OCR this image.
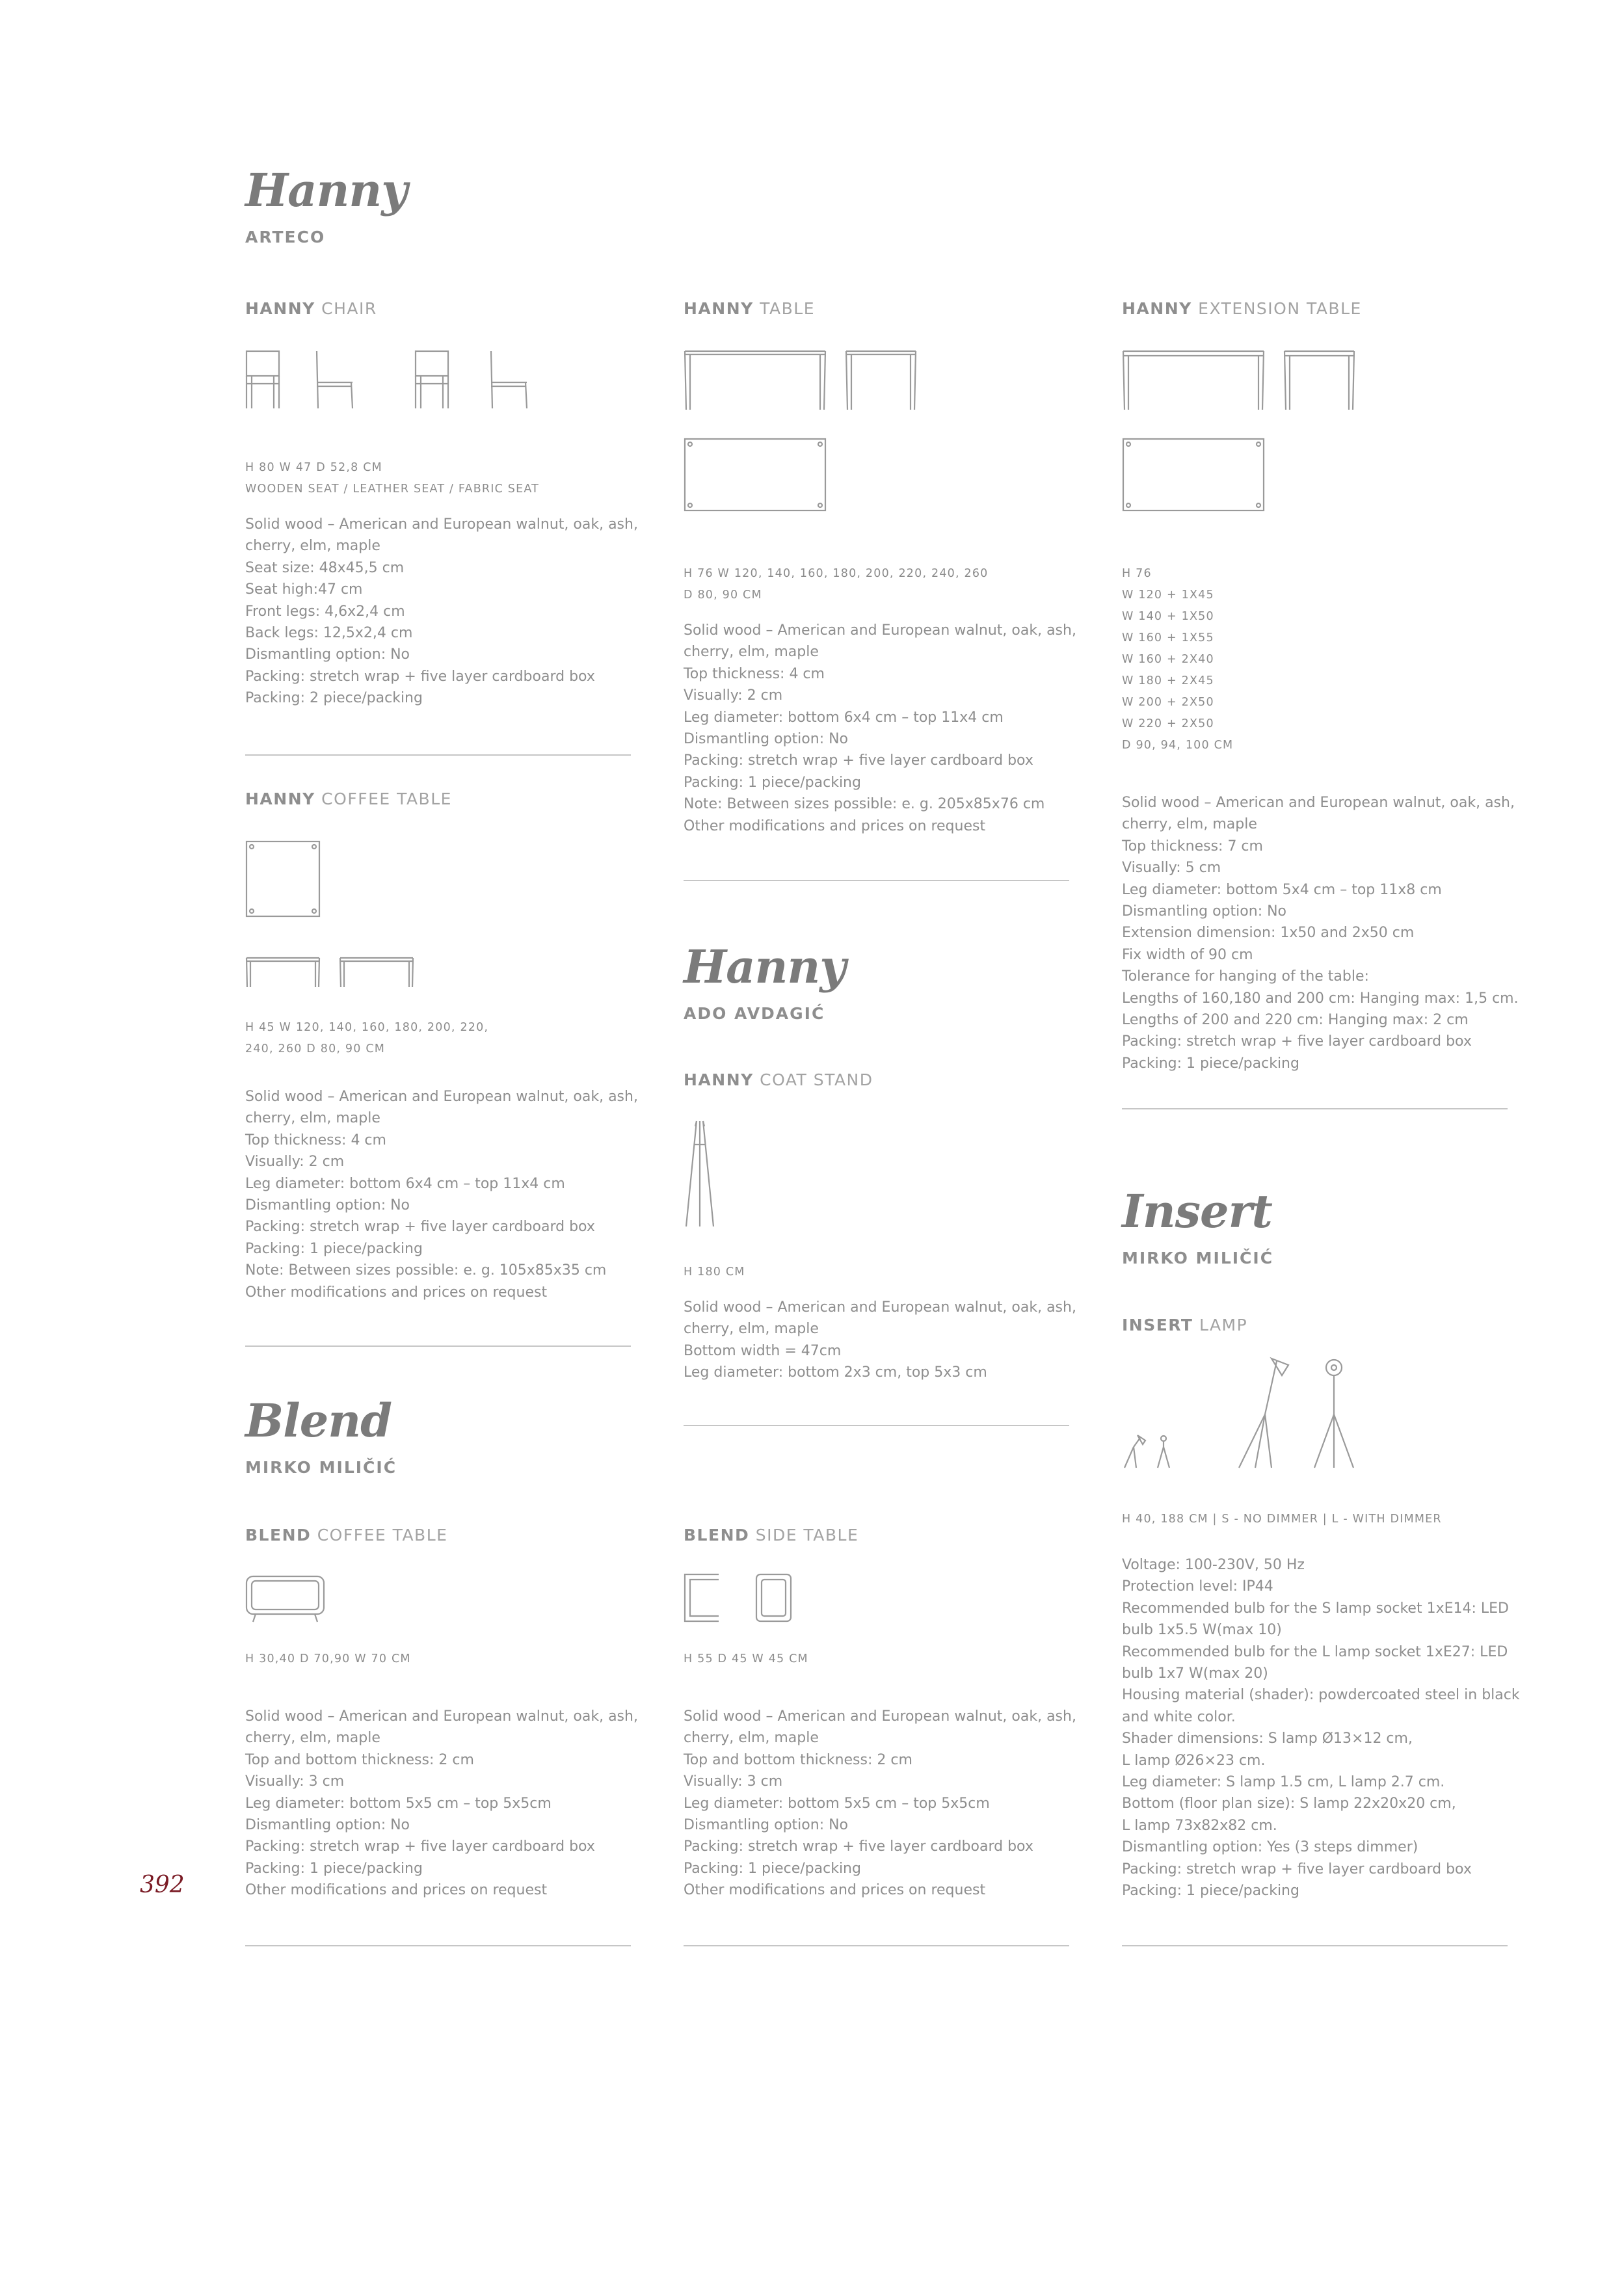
Hanny
ARTECO
HANNY CHAIR
H 80 W 47 D 52,8 CM
WOODEN SEAT / LEATHER SEAT / FABRIC SEAT
Solid wood – American and European walnut, oak, ash,
cherry, elm, maple
Seat size: 48x45,5 cm
Seat high:47 cm
Front legs: 4,6x2,4 cm
Back legs: 12,5x2,4 cm
Dismantling option: No
Packing: stretch wrap + five layer cardboard box
Packing: 2 piece/packing
HANNY COFFEE TABLE
H 45 W 120, 140, 160, 180, 200, 220,
240, 260 D 80, 90 CM
Solid wood – American and European walnut, oak, ash,
cherry, elm, maple
Top thickness: 4 cm
Visually: 2 cm
Leg diameter: bottom 6x4 cm – top 11x4 cm
Dismantling option: No
Packing: stretch wrap + five layer cardboard box
Packing: 1 piece/packing
Note: Between sizes possible: e. g. 105x85x35 cm
Other modifications and prices on request
Blend
MIRKO MILIČIĆ
BLEND COFFEE TABLE
H 30,40 D 70,90 W 70 CM
Solid wood – American and European walnut, oak, ash,
cherry, elm, maple
Top and bottom thickness: 2 cm
Visually: 3 cm
Leg diameter: bottom 5x5 cm – top 5x5cm
Dismantling option: No
Packing: stretch wrap + five layer cardboard box
Packing: 1 piece/packing
Other modifications and prices on request
HANNY TABLE
H 76 W 120, 140, 160, 180, 200, 220, 240, 260
D 80, 90 CM
Solid wood – American and European walnut, oak, ash,
cherry, elm, maple
Top thickness: 4 cm
Visually: 2 cm
Leg diameter: bottom 6x4 cm – top 11x4 cm
Dismantling option: No
Packing: stretch wrap + five layer cardboard box
Packing: 1 piece/packing
Note: Between sizes possible: e. g. 205x85x76 cm
Other modifications and prices on request
Hanny
ADO AVDAGIĆ
HANNY COAT STAND
H 180 CM
Solid wood – American and European walnut, oak, ash,
cherry, elm, maple
Bottom width = 47cm
Leg diameter: bottom 2x3 cm, top 5x3 cm
BLEND SIDE TABLE
H 55 D 45 W 45 CM
Solid wood – American and European walnut, oak, ash,
cherry, elm, maple
Top and bottom thickness: 2 cm
Visually: 3 cm
Leg diameter: bottom 5x5 cm – top 5x5cm
Dismantling option: No
Packing: stretch wrap + five layer cardboard box
Packing: 1 piece/packing
Other modifications and prices on request
HANNY EXTENSION TABLE
H 76
W 120 + 1X45
W 140 + 1X50
W 160 + 1X55
W 160 + 2X40
W 180 + 2X45
W 200 + 2X50
W 220 + 2X50
D 90, 94, 100 CM
Solid wood – American and European walnut, oak, ash,
cherry, elm, maple
Top thickness: 7 cm
Visually: 5 cm
Leg diameter: bottom 5x4 cm – top 11x8 cm
Dismantling option: No
Extension dimension: 1x50 and 2x50 cm
Fix width of 90 cm
Tolerance for hanging of the table:
Lengths of 160,180 and 200 cm: Hanging max: 1,5 cm.
Lengths of 200 and 220 cm: Hanging max: 2 cm
Packing: stretch wrap + five layer cardboard box
Packing: 1 piece/packing
Insert
MIRKO MILIČIĆ
INSERT LAMP
H 40, 188 CM | S - NO DIMMER | L - WITH DIMMER
Voltage: 100-230V, 50 Hz
Protection level: IP44
Recommended bulb for the S lamp socket 1xE14: LED
bulb 1x5.5 W(max 10)
Recommended bulb for the L lamp socket 1xE27: LED
bulb 1x7 W(max 20)
Housing material (shader): powdercoated steel in black
and white color.
Shader dimensions: S lamp Ø13×12 cm,
L lamp Ø26×23 cm.
Leg diameter: S lamp 1.5 cm, L lamp 2.7 cm.
Bottom (floor plan size): S lamp 22x20x20 cm,
L lamp 73x82x82 cm.
Dismantling option: Yes (3 steps dimmer)
Packing: stretch wrap + five layer cardboard box
Packing: 1 piece/packing
392
